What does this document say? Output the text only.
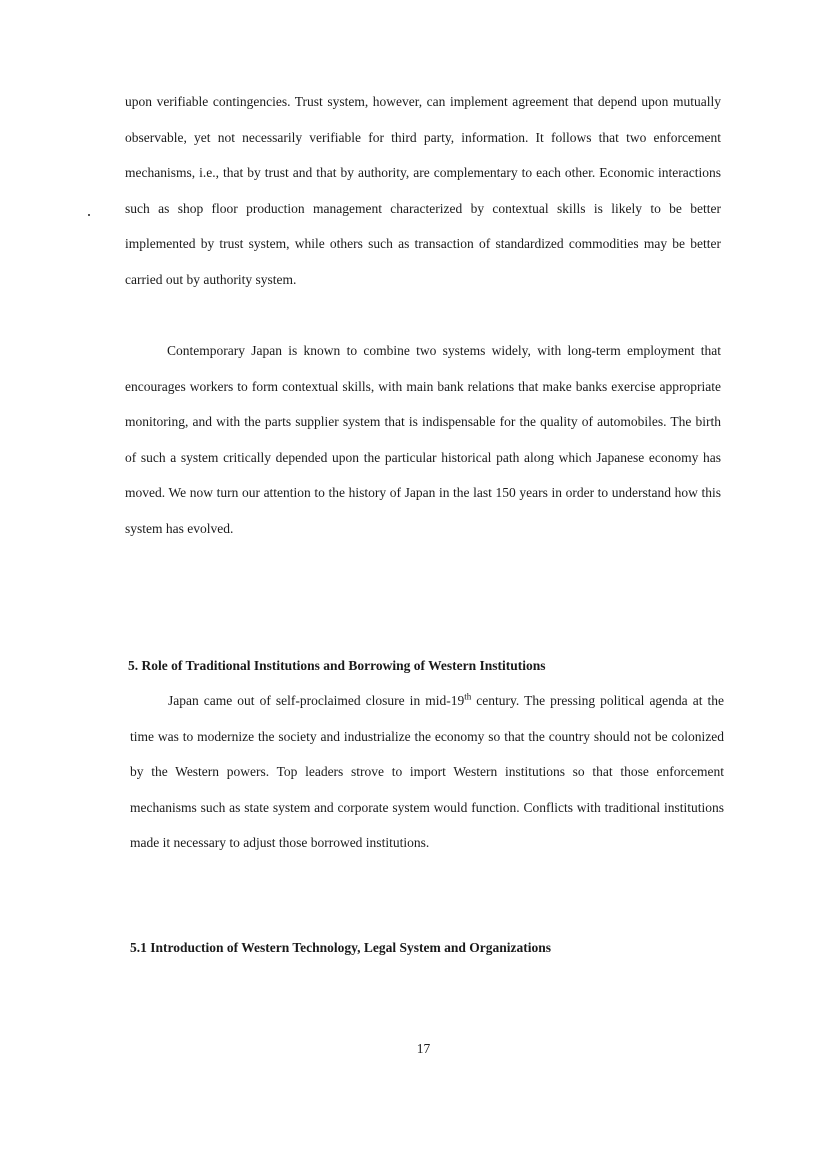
upon verifiable contingencies. Trust system, however, can implement agreement that depend upon mutually observable, yet not necessarily verifiable for third party, information. It follows that two enforcement mechanisms, i.e., that by trust and that by authority, are complementary to each other. Economic interactions such as shop floor production management characterized by contextual skills is likely to be better implemented by trust system, while others such as transaction of standardized commodities may be better carried out by authority system.

Contemporary Japan is known to combine two systems widely, with long-term employment that encourages workers to form contextual skills, with main bank relations that make banks exercise appropriate monitoring, and with the parts supplier system that is indispensable for the quality of automobiles. The birth of such a system critically depended upon the particular historical path along which Japanese economy has moved. We now turn our attention to the history of Japan in the last 150 years in order to understand how this system has evolved.

5. Role of Traditional Institutions and Borrowing of Western Institutions

Japan came out of self-proclaimed closure in mid-19th century. The pressing political agenda at the time was to modernize the society and industrialize the economy so that the country should not be colonized by the Western powers. Top leaders strove to import Western institutions so that those enforcement mechanisms such as state system and corporate system would function. Conflicts with traditional institutions made it necessary to adjust those borrowed institutions.

5.1 Introduction of Western Technology, Legal System and Organizations
17
